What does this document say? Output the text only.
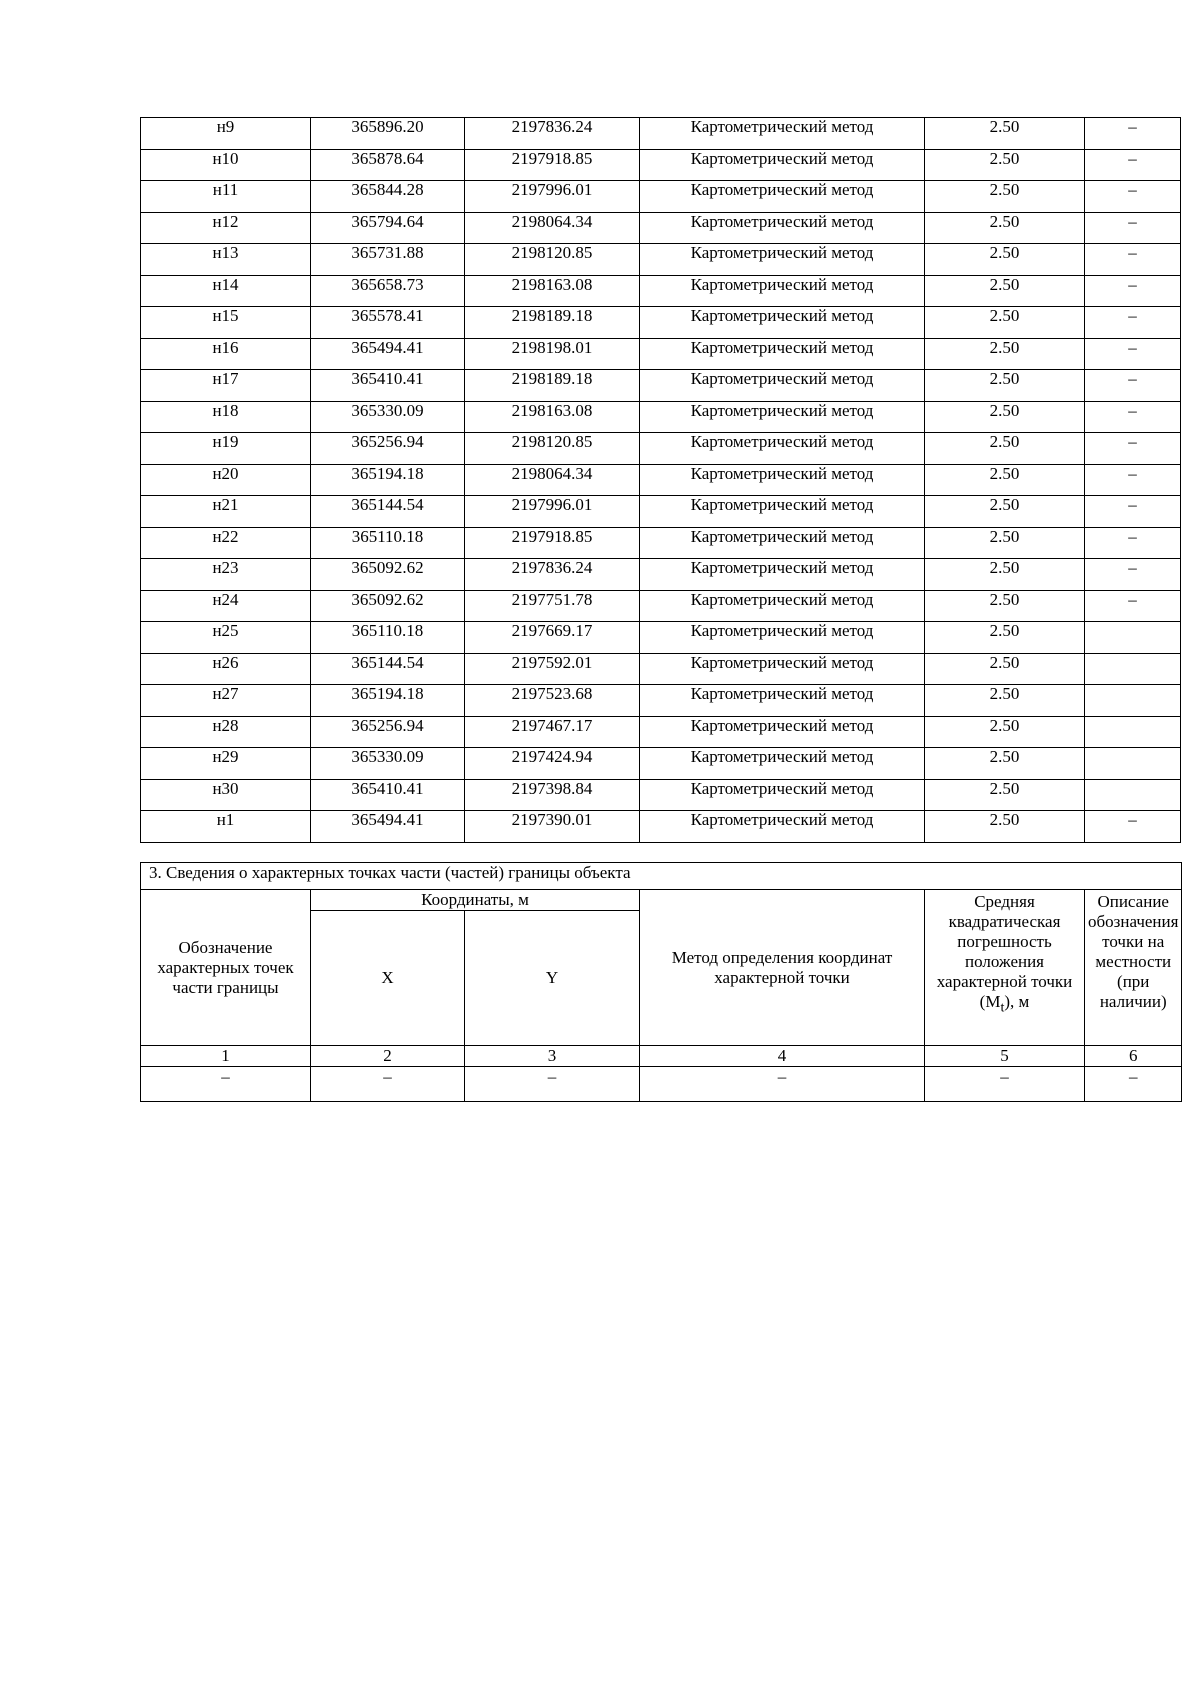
н9	365896.20	2197836.24	Картометрический метод	2.50	–
н10	365878.64	2197918.85	Картометрический метод	2.50	–
н11	365844.28	2197996.01	Картометрический метод	2.50	–
н12	365794.64	2198064.34	Картометрический метод	2.50	–
н13	365731.88	2198120.85	Картометрический метод	2.50	–
н14	365658.73	2198163.08	Картометрический метод	2.50	–
н15	365578.41	2198189.18	Картометрический метод	2.50	–
н16	365494.41	2198198.01	Картометрический метод	2.50	–
н17	365410.41	2198189.18	Картометрический метод	2.50	–
н18	365330.09	2198163.08	Картометрический метод	2.50	–
н19	365256.94	2198120.85	Картометрический метод	2.50	–
н20	365194.18	2198064.34	Картометрический метод	2.50	–
н21	365144.54	2197996.01	Картометрический метод	2.50	–
н22	365110.18	2197918.85	Картометрический метод	2.50	–
н23	365092.62	2197836.24	Картометрический метод	2.50	–
н24	365092.62	2197751.78	Картометрический метод	2.50	–
н25	365110.18	2197669.17	Картометрический метод	2.50	
н26	365144.54	2197592.01	Картометрический метод	2.50	
н27	365194.18	2197523.68	Картометрический метод	2.50	
н28	365256.94	2197467.17	Картометрический метод	2.50	
н29	365330.09	2197424.94	Картометрический метод	2.50	
н30	365410.41	2197398.84	Картометрический метод	2.50	
н1	365494.41	2197390.01	Картометрический метод	2.50	–
3. Сведения о характерных точках части (частей) границы объекта					
Обозначение характерных точек части границы	Координаты, м		Метод определения координат характерной точки	Средняя квадратическая погрешность положения характерной точки $(M_t)$, м	Описание обозначения точки на местности (при наличии)
	X	Y			
1	2	3	4	5	6
–	–	–	–	–	–
